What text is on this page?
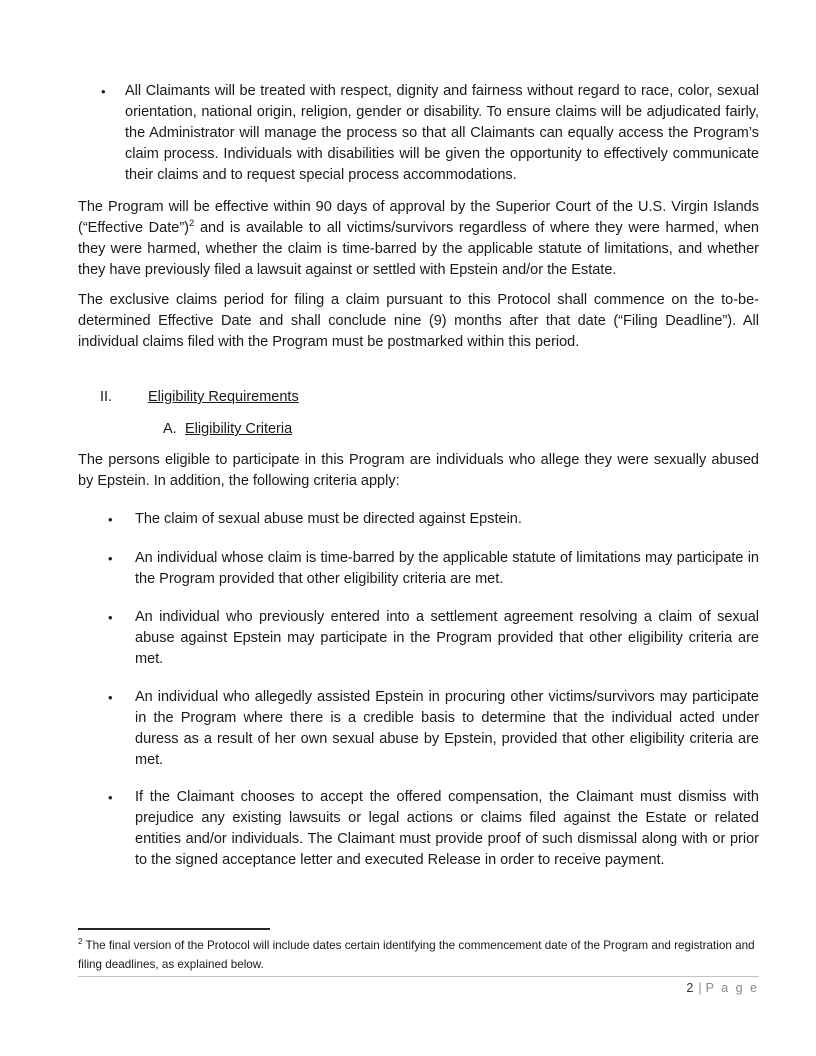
• All Claimants will be treated with respect, dignity and fairness without regard to race, color, sexual orientation, national origin, religion, gender or disability. To ensure claims will be adjudicated fairly, the Administrator will manage the process so that all Claimants can equally access the Program’s claim process. Individuals with disabilities will be given the opportunity to effectively communicate their claims and to request special process accommodations.

The Program will be effective within 90 days of approval by the Superior Court of the U.S. Virgin Islands (“Effective Date”)$^2$ and is available to all victims/survivors regardless of where they were harmed, when they were harmed, whether the claim is time-barred by the applicable statute of limitations, and whether they have previously filed a lawsuit against or settled with Epstein and/or the Estate.

The exclusive claims period for filing a claim pursuant to this Protocol shall commence on the to-be-determined Effective Date and shall conclude nine (9) months after that date (“Filing Deadline”). All individual claims filed with the Program must be postmarked within this period.

II. Eligibility Requirements
A. Eligibility Criteria

The persons eligible to participate in this Program are individuals who allege they were sexually abused by Epstein. In addition, the following criteria apply:

• The claim of sexual abuse must be directed against Epstein.
• An individual whose claim is time-barred by the applicable statute of limitations may participate in the Program provided that other eligibility criteria are met.
• An individual who previously entered into a settlement agreement resolving a claim of sexual abuse against Epstein may participate in the Program provided that other eligibility criteria are met.
• An individual who allegedly assisted Epstein in procuring other victims/survivors may participate in the Program where there is a credible basis to determine that the individual acted under duress as a result of her own sexual abuse by Epstein, provided that other eligibility criteria are met.
• If the Claimant chooses to accept the offered compensation, the Claimant must dismiss with prejudice any existing lawsuits or legal actions or claims filed against the Estate or related entities and/or individuals. The Claimant must provide proof of such dismissal along with or prior to the signed acceptance letter and executed Release in order to receive payment.
$^2$ The final version of the Protocol will include dates certain identifying the commencement date of the Program and registration and filing deadlines, as explained below.
2 | P a g e
